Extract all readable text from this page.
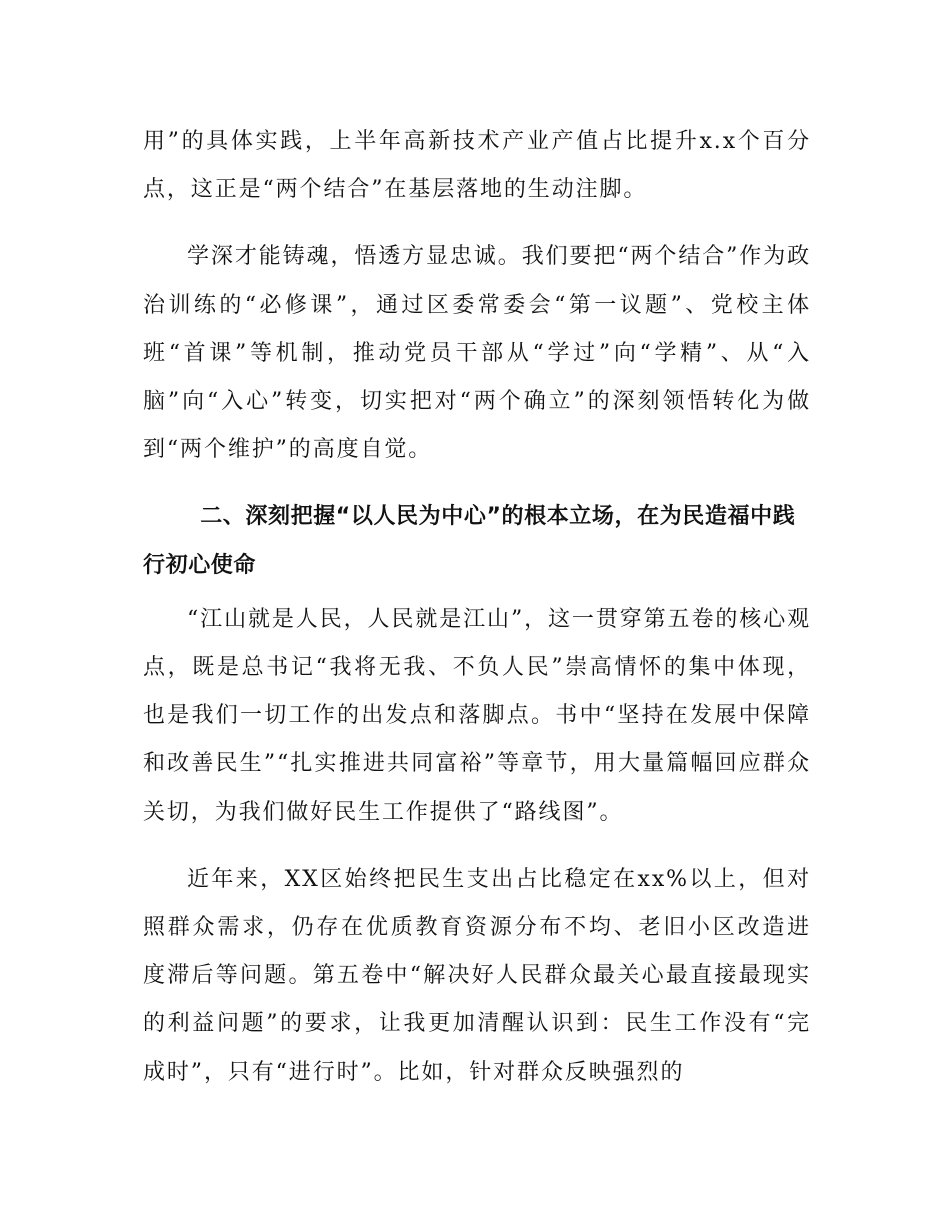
用”的具体实践，上半年高新技术产业产值占比提升x.x个百分点，这正是“两个结合”在基层落地的生动注脚。

学深才能铸魂，悟透方显忠诚。我们要把“两个结合”作为政治训练的“必修课”，通过区委常委会“第一议题”、党校主体班“首课”等机制，推动党员干部从“学过”向“学精”、从“入脑”向“入心”转变，切实把对“两个确立”的深刻领悟转化为做到“两个维护”的高度自觉。

二、深刻把握“以人民为中心”的根本立场，在为民造福中践行初心使命

“江山就是人民，人民就是江山”，这一贯穿第五卷的核心观点，既是总书记“我将无我、不负人民”崇高情怀的集中体现，也是我们一切工作的出发点和落脚点。书中“坚持在发展中保障和改善民生”“扎实推进共同富裕”等章节，用大量篇幅回应群众关切，为我们做好民生工作提供了“路线图”。

近年来，XX区始终把民生支出占比稳定在xx%以上，但对照群众需求，仍存在优质教育资源分布不均、老旧小区改造进度滞后等问题。第五卷中“解决好人民群众最关心最直接最现实的利益问题”的要求，让我更加清醒认识到：民生工作没有“完成时”，只有“进行时”。比如，针对群众反映强烈的
